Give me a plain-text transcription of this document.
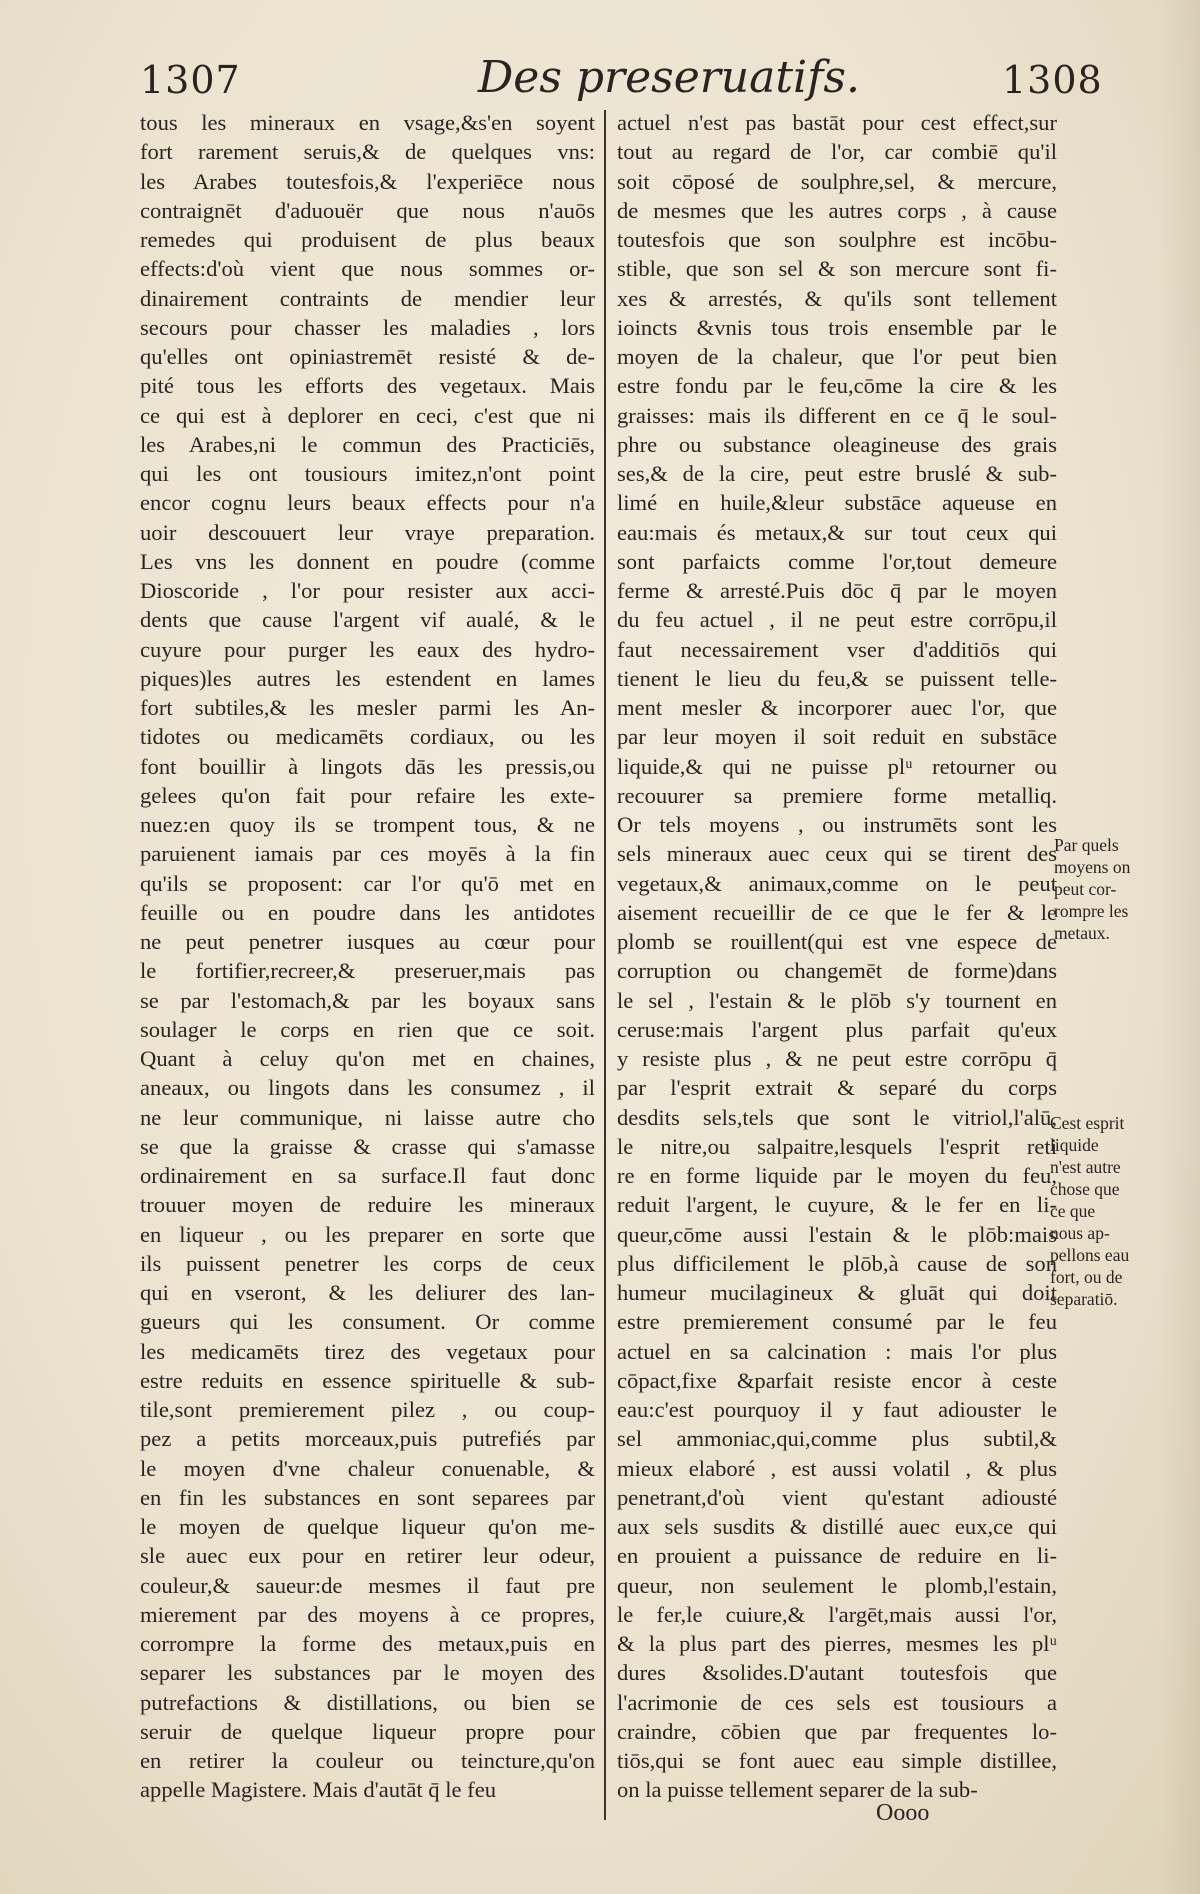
1307	Des preseruatifs.	1308
tous les mineraux en vsage,&s'en soyent
fort rarement seruis,& de quelques vns:
les Arabes toutesfois,& l'experiēce nous
contraignēt d'aduouër que nous n'auōs
remedes qui produisent de plus beaux
effects:d'où vient que nous sommes or-
dinairement contraints de mendier leur
secours pour chasser les maladies , lors
qu'elles ont opiniastremēt resisté & de-
pité tous les efforts des vegetaux. Mais
ce qui est à deplorer en ceci, c'est que ni
les Arabes,ni le commun des Practiciēs,
qui les ont tousiours imitez,n'ont point
encor cognu leurs beaux effects pour n'a
uoir descouuert leur vraye preparation.
Les vns les donnent en poudre (comme
Dioscoride , l'or pour resister aux acci-
dents que cause l'argent vif aualé, & le
cuyure pour purger les eaux des hydro-
piques)les autres les estendent en lames
fort subtiles,& les mesler parmi les An-
tidotes ou medicamēts cordiaux, ou les
font bouillir à lingots dās les pressis,ou
gelees qu'on fait pour refaire les exte-
nuez:en quoy ils se trompent tous, & ne
paruienent iamais par ces moyēs à la fin
qu'ils se proposent: car l'or qu'ō met en
feuille ou en poudre dans les antidotes
ne peut penetrer iusques au cœur pour
le fortifier,recreer,& preseruer,mais pas
se par l'estomach,& par les boyaux sans
soulager le corps en rien que ce soit.
Quant à celuy qu'on met en chaines,
aneaux, ou lingots dans les consumez , il
ne leur communique, ni laisse autre cho
se que la graisse & crasse qui s'amasse
ordinairement en sa surface.Il faut donc
trouuer moyen de reduire les mineraux
en liqueur , ou les preparer en sorte que
ils puissent penetrer les corps de ceux
qui en vseront, & les deliurer des lan-
gueurs qui les consument. Or comme
les medicamēts tirez des vegetaux pour
estre reduits en essence spirituelle & sub-
tile,sont premierement pilez , ou coup-
pez a petits morceaux,puis putrefiés par
le moyen d'vne chaleur conuenable, &
en fin les substances en sont separees par
le moyen de quelque liqueur qu'on me-
sle auec eux pour en retirer leur odeur,
couleur,& saueur:de mesmes il faut pre
mierement par des moyens à ce propres,
corrompre la forme des metaux,puis en
separer les substances par le moyen des
putrefactions & distillations, ou bien se
seruir de quelque liqueur propre pour
en retirer la couleur ou teincture,qu'on
appelle Magistere. Mais d'autāt q̄ le feu
actuel n'est pas bastāt pour cest effect,sur
tout au regard de l'or, car combiē qu'il
soit cōposé de soulphre,sel, & mercure,
de mesmes que les autres corps , à cause
toutesfois que son soulphre est incōbu-
stible, que son sel & son mercure sont fi-
xes & arrestés, & qu'ils sont tellement
ioincts &vnis tous trois ensemble par le
moyen de la chaleur, que l'or peut bien
estre fondu par le feu,cōme la cire & les
graisses: mais ils different en ce q̄ le soul-
phre ou substance oleagineuse des grais
ses,& de la cire, peut estre bruslé & sub-
limé en huile,&leur substāce aqueuse en
eau:mais és metaux,& sur tout ceux qui
sont parfaicts comme l'or,tout demeure
ferme & arresté.Puis dōc q̄ par le moyen
du feu actuel , il ne peut estre corrōpu,il
faut necessairement vser d'additiōs qui
tienent le lieu du feu,& se puissent telle-
ment mesler & incorporer auec l'or, que
par leur moyen il soit reduit en substāce
liquide,& qui ne puisse plᵘ retourner ou
recouurer sa premiere forme metalliq.
Or tels moyens , ou instrumēts sont les
sels mineraux auec ceux qui se tirent des
vegetaux,& animaux,comme on le peut
aisement recueillir de ce que le fer & le
plomb se rouillent(qui est vne espece de
corruption ou changemēt de forme)dans
le sel , l'estain & le plōb s'y tournent en
ceruse:mais l'argent plus parfait qu'eux
y resiste plus , & ne peut estre corrōpu q̄
par l'esprit extrait & separé du corps
desdits sels,tels que sont le vitriol,l'alū,
le nitre,ou salpaitre,lesquels l'esprit reti
re en forme liquide par le moyen du feu,
reduit l'argent, le cuyure, & le fer en li-
queur,cōme aussi l'estain & le plōb:mais
plus difficilement le plōb,à cause de son
humeur mucilagineux & gluāt qui doit
estre premierement consumé par le feu
actuel en sa calcination : mais l'or plus
cōpact,fixe &parfait resiste encor à ceste
eau:c'est pourquoy il y faut adiouster le
sel ammoniac,qui,comme plus subtil,&
mieux elaboré , est aussi volatil , & plus
penetrant,d'où vient qu'estant adiousté
aux sels susdits & distillé auec eux,ce qui
en prouient a puissance de reduire en li-
queur, non seulement le plomb,l'estain,
le fer,le cuiure,& l'argēt,mais aussi l'or,
& la plus part des pierres, mesmes les plᵘ
dures &solides.D'autant toutesfois que
l'acrimonie de ces sels est tousiours a
craindre, cōbien que par frequentes lo-
tiōs,qui se font auec eau simple distillee,
on la puisse tellement separer de la sub-
Par quels
moyens on
peut cor-
rompre les
metaux.
Cest esprit
liquide
n'est autre
chose que
ce que
nous ap-
pellons eau
fort, ou de
separatiō.
Oooo
